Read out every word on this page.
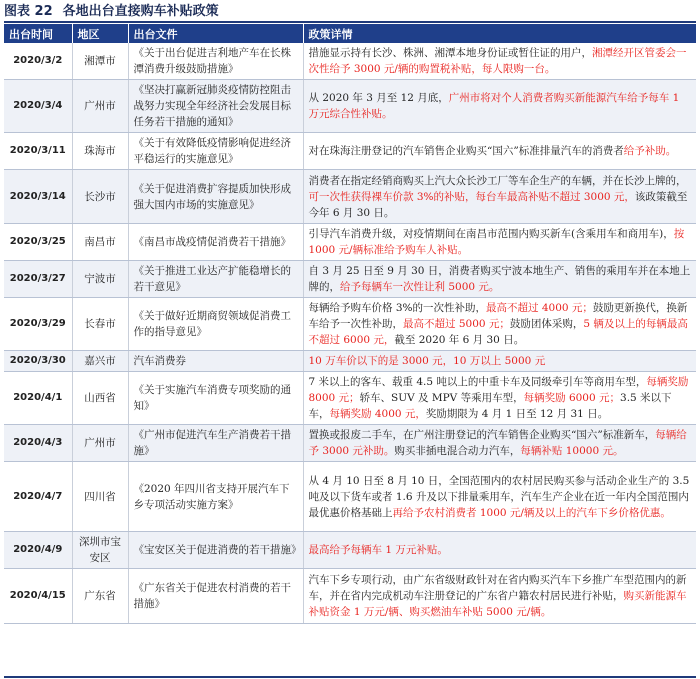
图表 22 各地出台直接购车补贴政策
出台时间	地区	出台文件	政策详情
2020/3/2	湘潭市	《关于出台促进吉利地产车在长株潭消费升级鼓励措施》	措施显示持有长沙、株洲、湘潭本地身份证或暂住证的用户，湘潭经开区管委会一次性给予 3000 元/辆的购置税补贴，每人限购一台。
2020/3/4	广州市	《坚决打赢新冠肺炎疫情防控阻击战努力实现全年经济社会发展目标任务若干措施的通知》	从 2020 年 3 月至 12 月底，广州市将对个人消费者购买新能源汽车给予每车 1 万元综合性补贴。
2020/3/11	珠海市	《关于有效降低疫情影响促进经济平稳运行的实施意见》	对在珠海注册登记的汽车销售企业购买“国六”标准排量汽车的消费者给予补助。
2020/3/14	长沙市	《关于促进消费扩容提质加快形成强大国内市场的实施意见》	消费者在指定经销商购买上汽大众长沙工厂等车企生产的车辆，并在长沙上牌的，可一次性获得裸车价款 3%的补贴，每台车最高补贴不超过 3000 元，该政策截至今年 6 月 30 日。
2020/3/25	南昌市	《南昌市战疫情促消费若干措施》	引导汽车消费升级，对疫情期间在南昌市范围内购买新车(含乘用车和商用车)，按 1000 元/辆标准给予购车人补贴。
2020/3/27	宁波市	《关于推进工业达产扩能稳增长的若干意见》	自 3 月 25 日至 9 月 30 日，消费者购买宁波本地生产、销售的乘用车并在本地上牌的，给予每辆车一次性让利 5000 元。
2020/3/29	长春市	《关于做好近期商贸领域促消费工作的指导意见》	每辆给予购车价格 3%的一次性补助，最高不超过 4000 元；鼓励更新换代，换新车给予一次性补助，最高不超过 5000 元；鼓励团体采购，5 辆及以上的每辆最高不超过 6000 元，截至 2020 年 6 月 30 日。
2020/3/30	嘉兴市	汽车消费券	10 万车价以下的是 3000 元，10 万以上 5000 元
2020/4/1	山西省	《关于实施汽车消费专项奖励的通知》	7 米以上的客车、载重 4.5 吨以上的中重卡车及同级牵引车等商用车型，每辆奖励 8000 元；轿车、SUV 及 MPV 等乘用车型，每辆奖励 6000 元；3.5 米以下车，每辆奖励 4000 元，奖励期限为 4 月 1 日至 12 月 31 日。
2020/4/3	广州市	《广州市促进汽车生产消费若干措施》	置换或报废二手车，在广州注册登记的汽车销售企业购买“国六”标准新车，每辆给予 3000 元补助。购买非插电混合动力汽车，每辆补贴 10000 元。
2020/4/7	四川省	《2020 年四川省支持开展汽车下乡专项活动实施方案》	从 4 月 10 日至 8 月 10 日，全国范围内的农村居民购买参与活动企业生产的 3.5 吨及以下货车或者 1.6 升及以下排量乘用车，汽车生产企业在近一年内全国范围内最优惠价格基础上再给予农村消费者 1000 元/辆及以上的汽车下乡价格优惠。
2020/4/9	深圳市宝安区	《宝安区关于促进消费的若干措施》	最高给予每辆车 1 万元补贴。
2020/4/15	广东省	《广东省关于促进农村消费的若干措施》	汽车下乡专项行动，由广东省级财政针对在省内购买汽车下乡推广车型范围内的新车，并在省内完成机动车注册登记的广东省户籍农村居民进行补贴，购买新能源车补贴资金 1 万元/辆、购买燃油车补贴 5000 元/辆。
